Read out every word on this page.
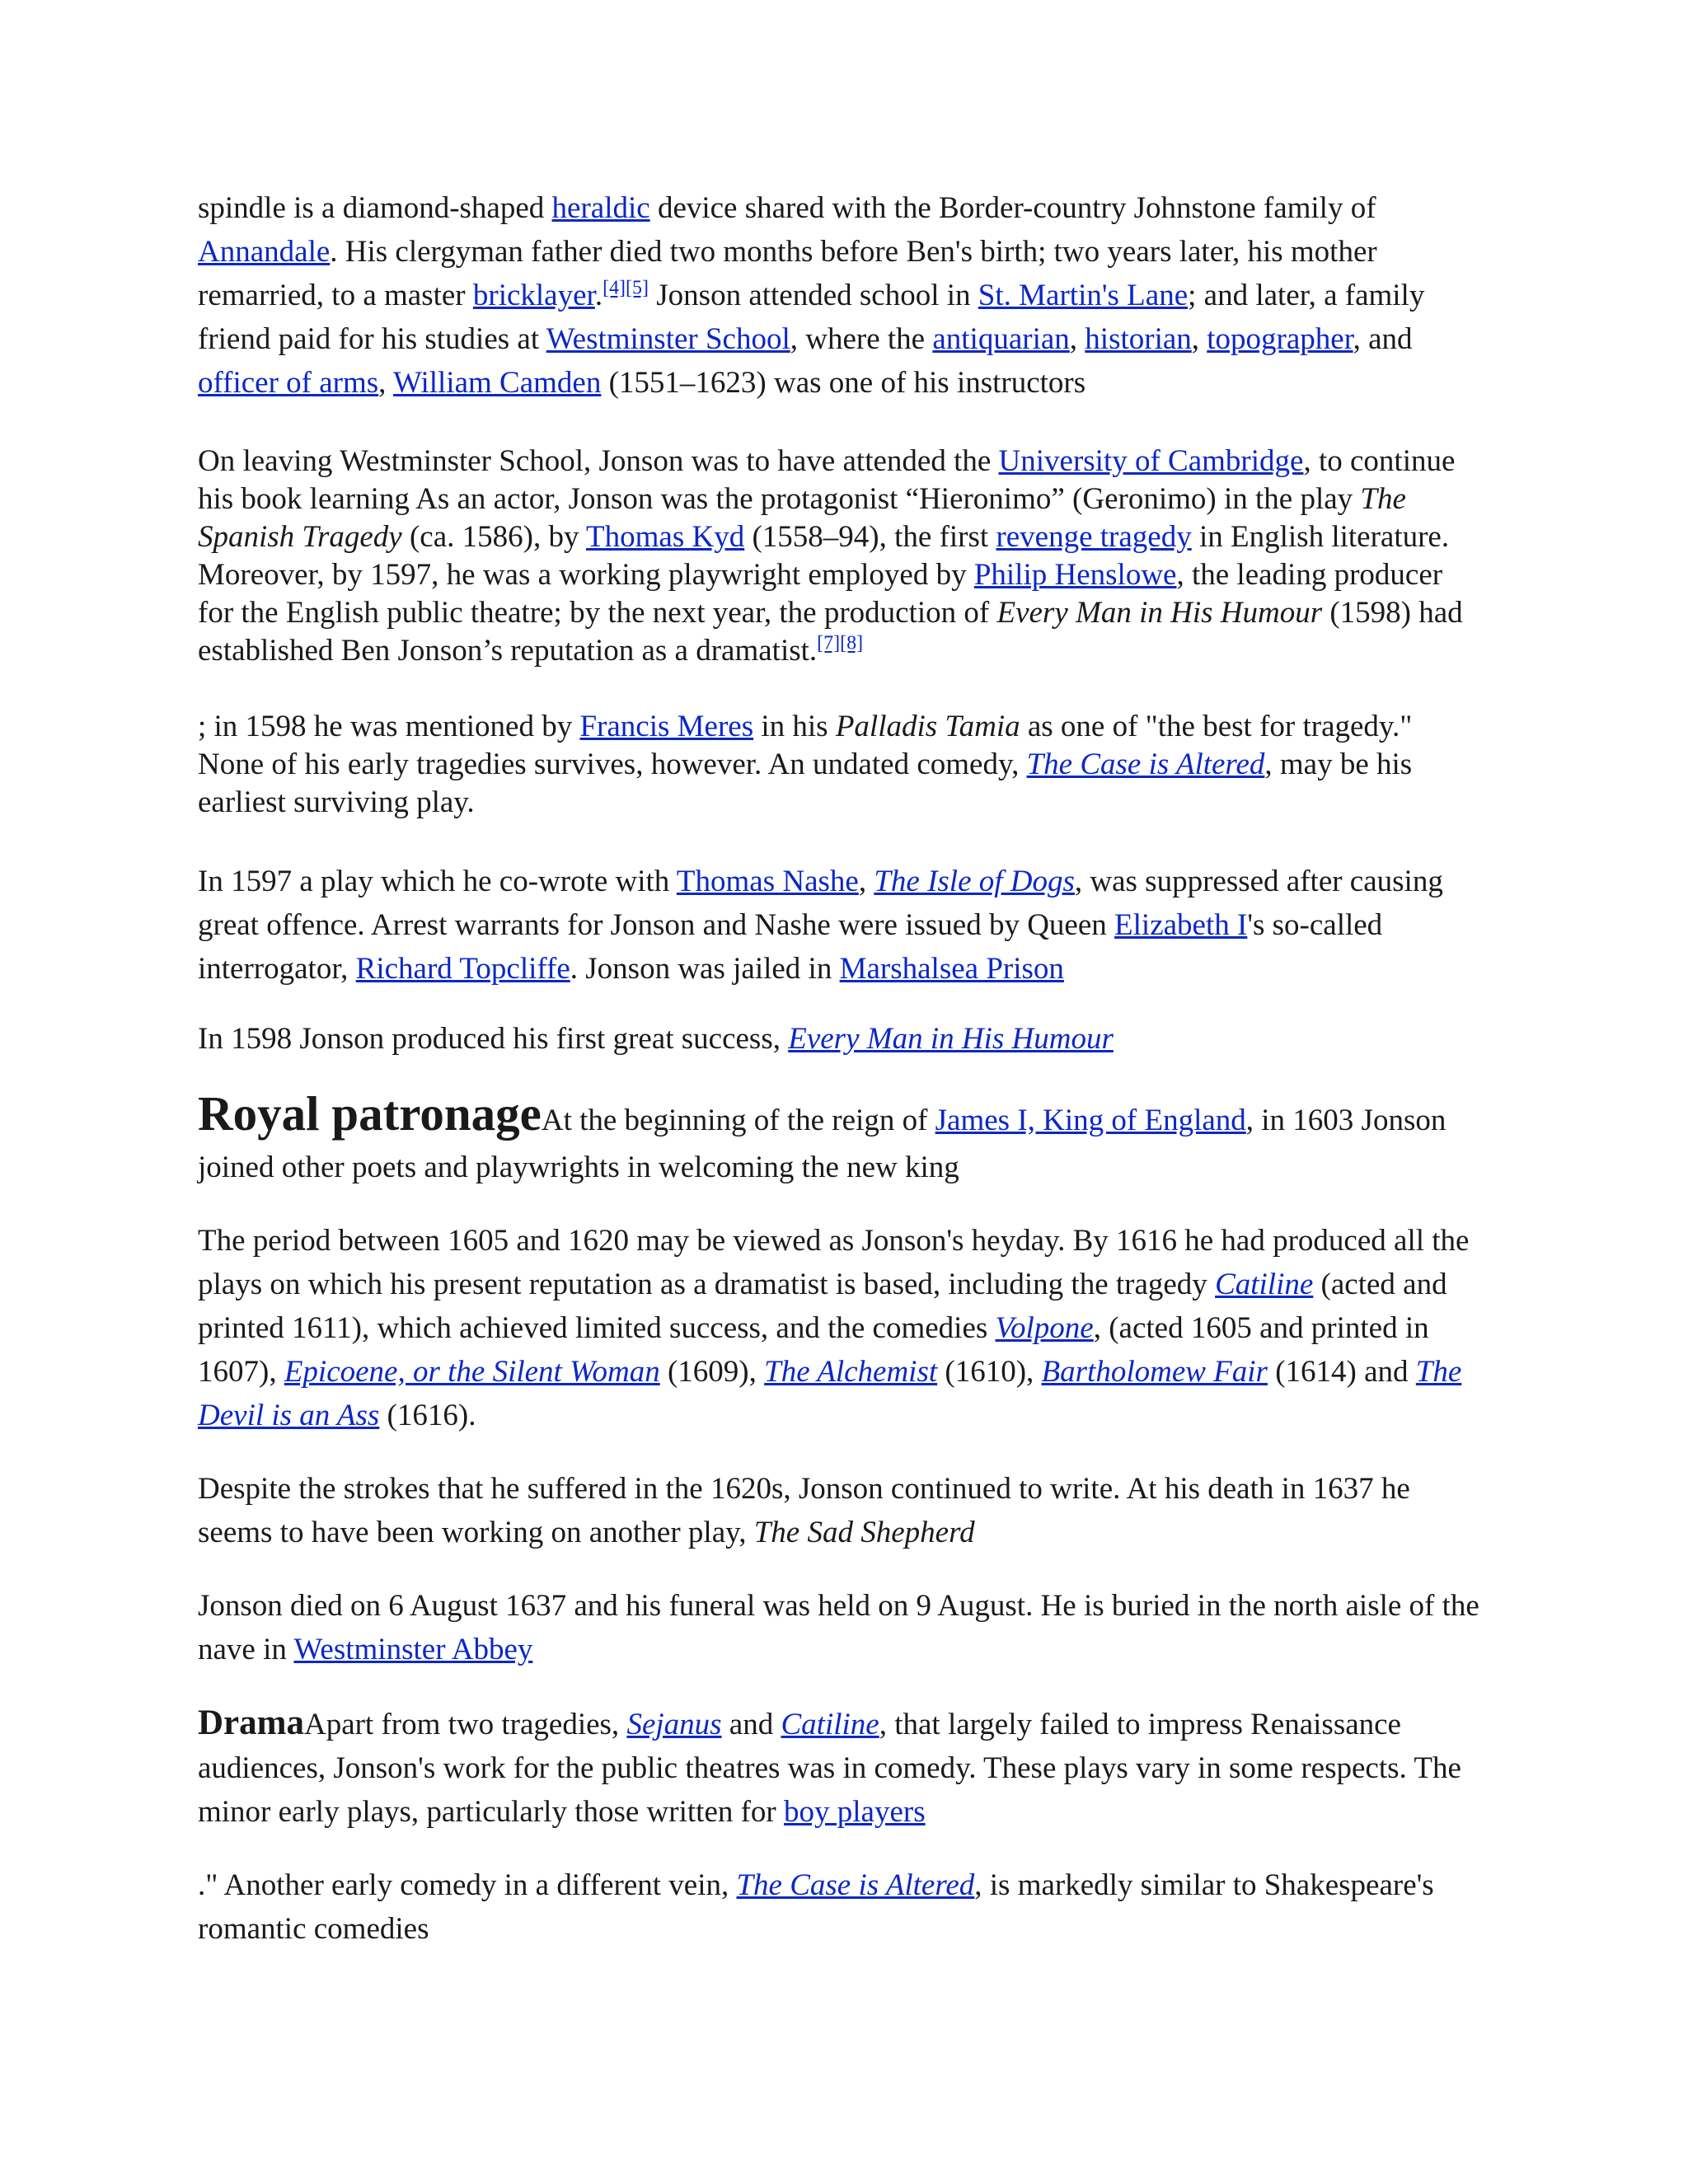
spindle is a diamond-shaped heraldic device shared with the Border-country Johnstone family of Annandale. His clergyman father died two months before Ben's birth; two years later, his mother remarried, to a master bricklayer.[4][5] Jonson attended school in St. Martin's Lane; and later, a family friend paid for his studies at Westminster School, where the antiquarian, historian, topographer, and officer of arms, William Camden (1551–1623) was one of his instructors

On leaving Westminster School, Jonson was to have attended the University of Cambridge, to continue his book learning As an actor, Jonson was the protagonist “Hieronimo” (Geronimo) in the play The Spanish Tragedy (ca. 1586), by Thomas Kyd (1558–94), the first revenge tragedy in English literature. Moreover, by 1597, he was a working playwright employed by Philip Henslowe, the leading producer for the English public theatre; by the next year, the production of Every Man in His Humour (1598) had established Ben Jonson’s reputation as a dramatist.[7][8]

; in 1598 he was mentioned by Francis Meres in his Palladis Tamia as one of "the best for tragedy." None of his early tragedies survives, however. An undated comedy, The Case is Altered, may be his earliest surviving play.

In 1597 a play which he co-wrote with Thomas Nashe, The Isle of Dogs, was suppressed after causing great offence. Arrest warrants for Jonson and Nashe were issued by Queen Elizabeth I's so-called interrogator, Richard Topcliffe. Jonson was jailed in Marshalsea Prison

In 1598 Jonson produced his first great success, Every Man in His Humour

Royal patronageAt the beginning of the reign of James I, King of England, in 1603 Jonson joined other poets and playwrights in welcoming the new king

The period between 1605 and 1620 may be viewed as Jonson's heyday. By 1616 he had produced all the plays on which his present reputation as a dramatist is based, including the tragedy Catiline (acted and printed 1611), which achieved limited success, and the comedies Volpone, (acted 1605 and printed in 1607), Epicoene, or the Silent Woman (1609), The Alchemist (1610), Bartholomew Fair (1614) and The Devil is an Ass (1616).

Despite the strokes that he suffered in the 1620s, Jonson continued to write. At his death in 1637 he seems to have been working on another play, The Sad Shepherd

Jonson died on 6 August 1637 and his funeral was held on 9 August. He is buried in the north aisle of the nave in Westminster Abbey

DramaApart from two tragedies, Sejanus and Catiline, that largely failed to impress Renaissance audiences, Jonson's work for the public theatres was in comedy. These plays vary in some respects. The minor early plays, particularly those written for boy players

." Another early comedy in a different vein, The Case is Altered, is markedly similar to Shakespeare's romantic comedies
